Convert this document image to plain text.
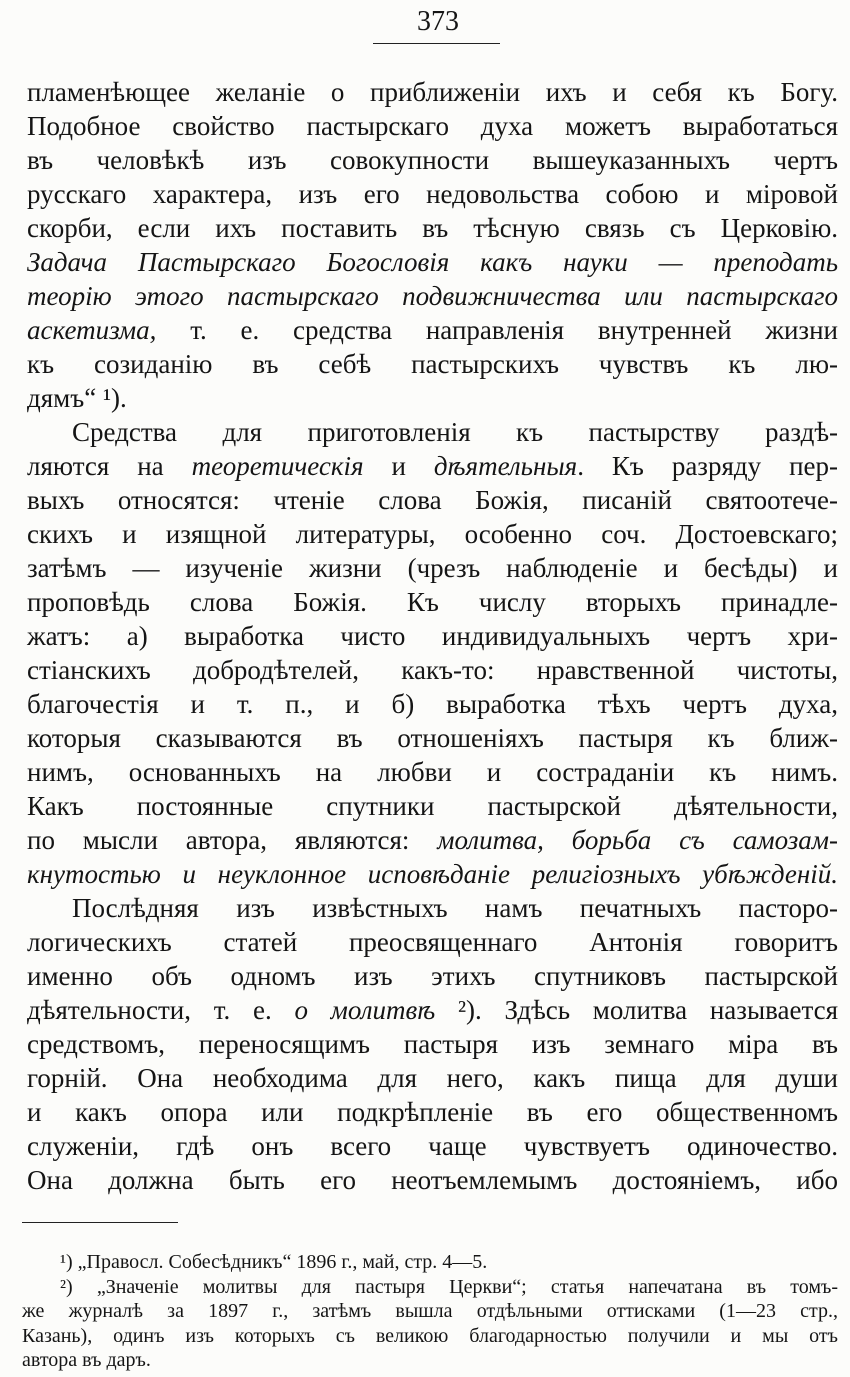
373
пламенѣющее желаніе о приближеніи ихъ и себя къ Богу.
Подобное свойство пастырскаго духа можетъ выработаться
въ человѣкѣ изъ совокупности вышеуказанныхъ чертъ
русскаго характера, изъ его недовольства собою и міровой
скорби, если ихъ поставить въ тѣсную связь съ Церковію.
Задача Пастырскаго Богословія какъ науки — преподать
теорію этого пастырскаго подвижничества или пастырскаго
аскетизма, т. е. средства направленія внутренней жизни
къ созиданію въ себѣ пастырскихъ чувствъ къ лю-
дямъ“ ¹).
Средства для приготовленія къ пастырству раздѣ-
ляются на теоретическія и дѣятельныя. Къ разряду пер-
выхъ относятся: чтеніе слова Божія, писаній святоотече-
скихъ и изящной литературы, особенно соч. Достоевскаго;
затѣмъ — изученіе жизни (чрезъ наблюденіе и бесѣды) и
проповѣдь слова Божія. Къ числу вторыхъ принадле-
жатъ: а) выработка чисто индивидуальныхъ чертъ хри-
стіанскихъ добродѣтелей, какъ-то: нравственной чистоты,
благочестія и т. п., и б) выработка тѣхъ чертъ духа,
которыя сказываются въ отношеніяхъ пастыря къ ближ-
нимъ, основанныхъ на любви и состраданіи къ нимъ.
Какъ постоянные спутники пастырской дѣятельности,
по мысли автора, являются: молитва, борьба съ самозам-
кнутостью и неуклонное исповѣданіе религіозныхъ убѣжденій.
Послѣдняя изъ извѣстныхъ намъ печатныхъ пасторо-
логическихъ статей преосвященнаго Антонія говоритъ
именно объ одномъ изъ этихъ спутниковъ пастырской
дѣятельности, т. е. о молитвѣ ²). Здѣсь молитва называется
средствомъ, переносящимъ пастыря изъ земнаго міра въ
горній. Она необходима для него, какъ пища для души
и какъ опора или подкрѣпленіе въ его общественномъ
служеніи, гдѣ онъ всего чаще чувствуетъ одиночество.
Она должна быть его неотъемлемымъ достояніемъ, ибо
¹) „Правосл. Собесѣдникъ“ 1896 г., май, стр. 4—5.
²) „Значеніе молитвы для пастыря Церкви“; статья напечатана въ томъ-
же журналѣ за 1897 г., затѣмъ вышла отдѣльными оттисками (1—23 стр.,
Казань), одинъ изъ которыхъ съ великою благодарностью получили и мы отъ
автора въ даръ.
